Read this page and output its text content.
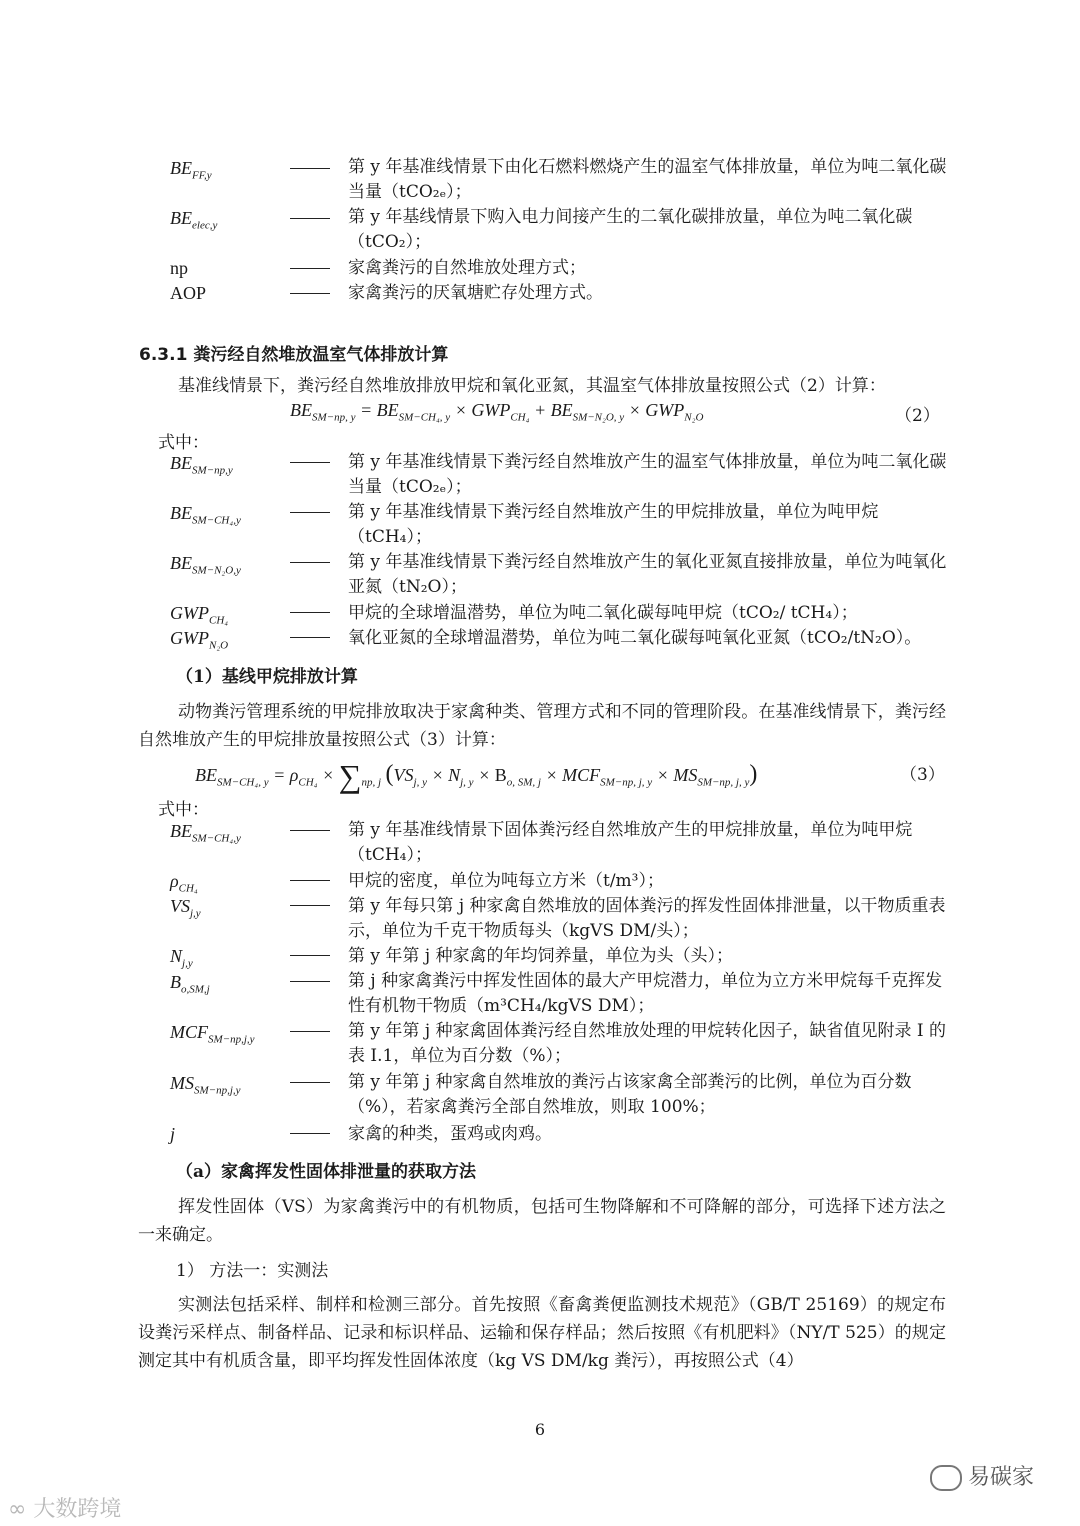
$BE_{FF,y}$	第 y 年基准线情景下由化石燃料燃烧产生的温室气体排放量，单位为吨二氧化碳当量（tCO₂ₑ）；
$BE_{elec,y}$	第 y 年基线情景下购入电力间接产生的二氧化碳排放量，单位为吨二氧化碳（tCO₂）；
np	家禽粪污的自然堆放处理方式；
AOP	家禽粪污的厌氧塘贮存处理方式。
6.3.1 粪污经自然堆放温室气体排放计算
基准线情景下，粪污经自然堆放排放甲烷和氧化亚氮，其温室气体排放量按照公式（2）计算：
$BE_{SM-np, y} = BE_{SM-CH_4, y} \times GWP_{CH_4} + BE_{SM-N_2O, y} \times GWP_{N_2O}$	（2）
式中：
$BE_{SM-np,y}$	第 y 年基准线情景下粪污经自然堆放产生的温室气体排放量，单位为吨二氧化碳当量（tCO₂ₑ）；
$BE_{SM-CH_4,y}$	第 y 年基准线情景下粪污经自然堆放产生的甲烷排放量，单位为吨甲烷（tCH₄）；
$BE_{SM-N_2O,y}$	第 y 年基准线情景下粪污经自然堆放产生的氧化亚氮直接排放量，单位为吨氧化亚氮（tN₂O）；
$GWP_{CH_4}$	甲烷的全球增温潜势，单位为吨二氧化碳每吨甲烷（tCO₂/ tCH₄）；
$GWP_{N_2O}$	氧化亚氮的全球增温潜势，单位为吨二氧化碳每吨氧化亚氮（tCO₂/tN₂O）。
（1）基线甲烷排放计算
动物粪污管理系统的甲烷排放取决于家禽种类、管理方式和不同的管理阶段。在基准线情景下，粪污经自然堆放产生的甲烷排放量按照公式（3）计算：
$BE_{SM-CH_4, y} = \rho_{CH_4} \times \sum_{np, j}$ $(VS_{j, y} \times N_{j, y} \times B_{o, SM, j} \times MCF_{SM-np, j, y} \times MS_{SM-np, j, y})$	（3）
式中：
$BE_{SM-CH_4,y}$	第 y 年基准线情景下固体粪污经自然堆放产生的甲烷排放量，单位为吨甲烷（tCH₄）；
$\rho_{CH_4}$	甲烷的密度，单位为吨每立方米（t/m³）；
$VS_{j,y}$	第 y 年每只第 j 种家禽自然堆放的固体粪污的挥发性固体排泄量，以干物质重表示，单位为千克干物质每头（kgVS DM/头）；
$N_{j,y}$	第 y 年第 j 种家禽的年均饲养量，单位为头（头）；
$B_{o,SM,j}$	第 j 种家禽粪污中挥发性固体的最大产甲烷潜力，单位为立方米甲烷每千克挥发性有机物干物质（m³CH₄/kgVS DM）；
$MCF_{SM-np,j,y}$	第 y 年第 j 种家禽固体粪污经自然堆放处理的甲烷转化因子，缺省值见附录 I 的表 I.1，单位为百分数（%）；
$MS_{SM-np,j,y}$	第 y 年第 j 种家禽自然堆放的粪污占该家禽全部粪污的比例，单位为百分数（%），若家禽粪污全部自然堆放，则取 100%；
j	家禽的种类，蛋鸡或肉鸡。
（a）家禽挥发性固体排泄量的获取方法
挥发性固体（VS）为家禽粪污中的有机物质，包括可生物降解和不可降解的部分，可选择下述方法之一来确定。
1） 方法一：实测法
实测法包括采样、制样和检测三部分。首先按照《畜禽粪便监测技术规范》（GB/T 25169）的规定布设粪污采样点、制备样品、记录和标识样品、运输和保存样品；然后按照《有机肥料》（NY/T 525）的规定测定其中有机质含量，即平均挥发性固体浓度（kg VS DM/kg 粪污），再按照公式（4）
6
∞ 大数跨境
易碳家
